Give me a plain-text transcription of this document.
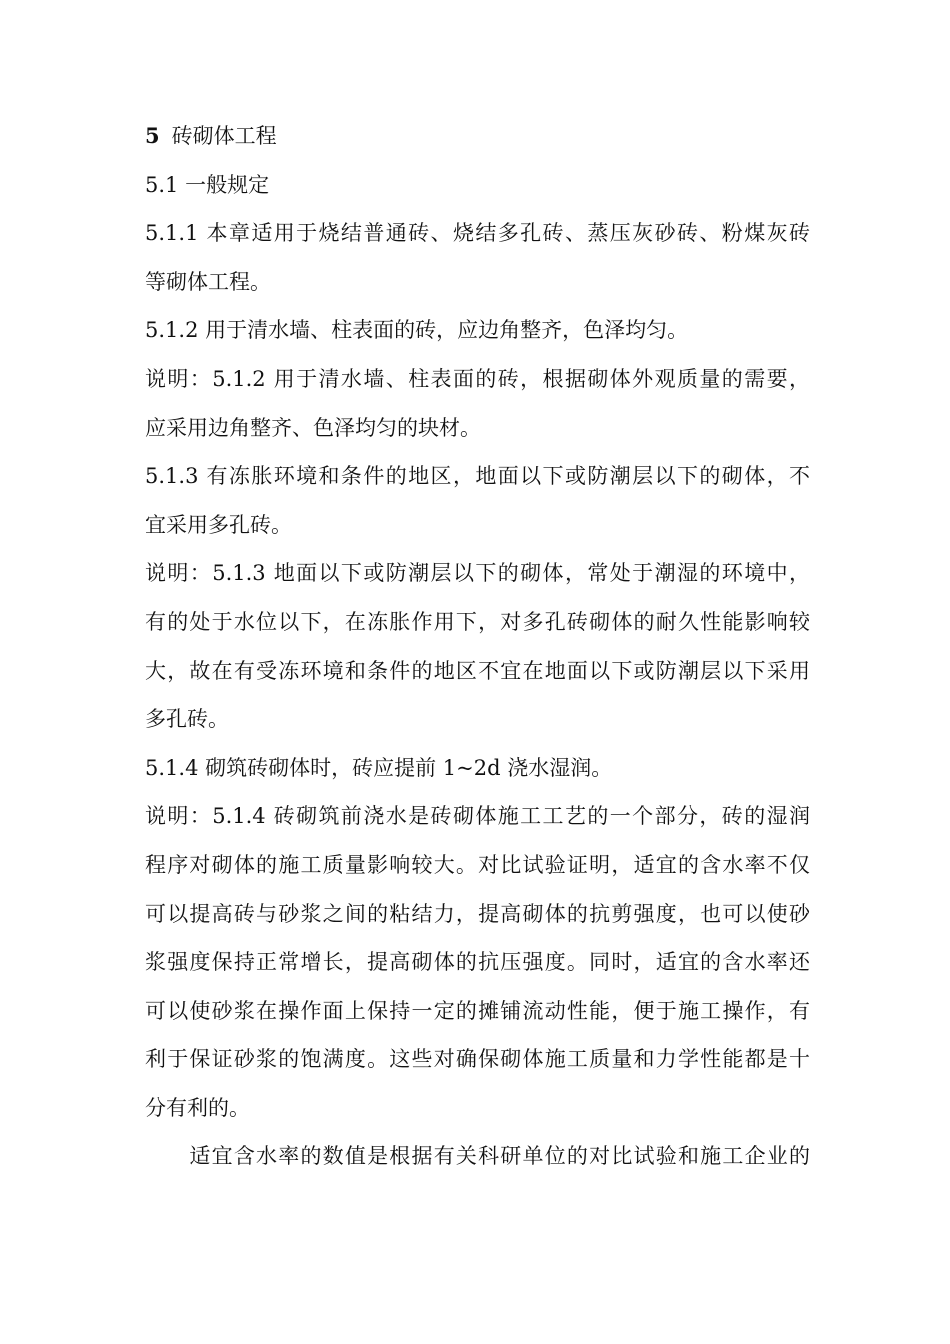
5 砖砌体工程
5.1 一般规定
5.1.1 本章适用于烧结普通砖、烧结多孔砖、蒸压灰砂砖、粉煤灰砖
等砌体工程。
5.1.2 用于清水墙、柱表面的砖，应边角整齐，色泽均匀。
说明：5.1.2 用于清水墙、柱表面的砖，根据砌体外观质量的需要，
应采用边角整齐、色泽均匀的块材。
5.1.3 有冻胀环境和条件的地区，地面以下或防潮层以下的砌体，不
宜采用多孔砖。
说明：5.1.3 地面以下或防潮层以下的砌体，常处于潮湿的环境中，
有的处于水位以下，在冻胀作用下，对多孔砖砌体的耐久性能影响较
大，故在有受冻环境和条件的地区不宜在地面以下或防潮层以下采用
多孔砖。
5.1.4 砌筑砖砌体时，砖应提前 1~2d 浇水湿润。
说明：5.1.4 砖砌筑前浇水是砖砌体施工工艺的一个部分，砖的湿润
程序对砌体的施工质量影响较大。对比试验证明，适宜的含水率不仅
可以提高砖与砂浆之间的粘结力，提高砌体的抗剪强度，也可以使砂
浆强度保持正常增长，提高砌体的抗压强度。同时，适宜的含水率还
可以使砂浆在操作面上保持一定的摊铺流动性能，便于施工操作，有
利于保证砂浆的饱满度。这些对确保砌体施工质量和力学性能都是十
分有利的。
　　适宜含水率的数值是根据有关科研单位的对比试验和施工企业的
